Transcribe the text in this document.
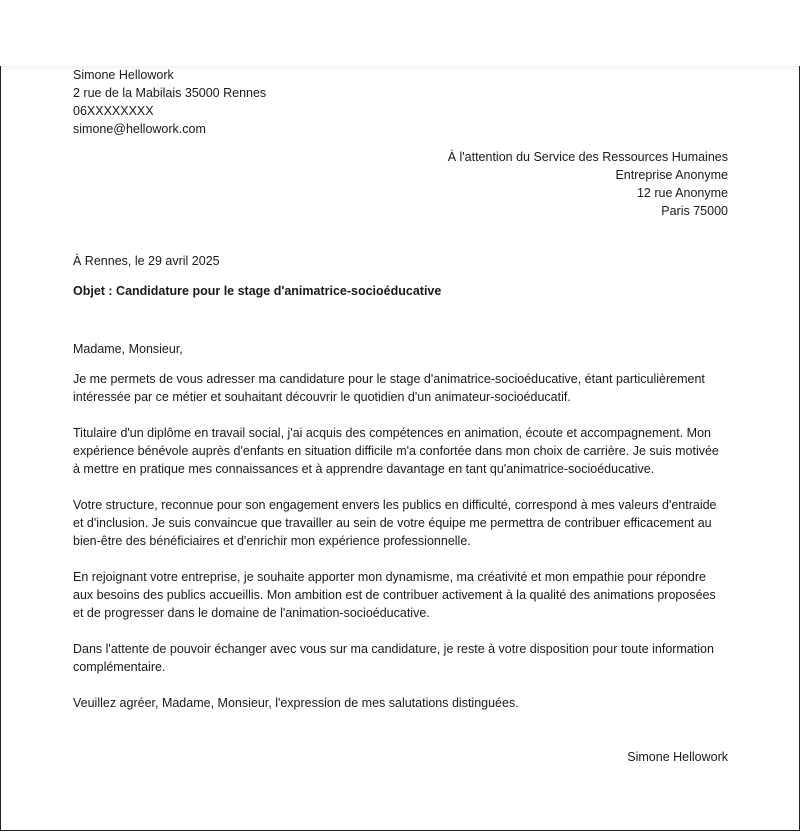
Simone Hellowork
2 rue de la Mabilais 35000 Rennes
06XXXXXXXX
simone@hellowork.com
À l'attention du Service des Ressources Humaines
Entreprise Anonyme
12 rue Anonyme
Paris 75000
À Rennes, le 29 avril 2025
Objet : Candidature pour le stage d'animatrice-socioéducative
Madame, Monsieur,

Je me permets de vous adresser ma candidature pour le stage d'animatrice-socioéducative, étant particulièrement intéressée par ce métier et souhaitant découvrir le quotidien d'un animateur-socioéducatif.

Titulaire d'un diplôme en travail social, j'ai acquis des compétences en animation, écoute et accompagnement. Mon expérience bénévole auprès d'enfants en situation difficile m'a confortée dans mon choix de carrière. Je suis motivée à mettre en pratique mes connaissances et à apprendre davantage en tant qu'animatrice-socioéducative.

Votre structure, reconnue pour son engagement envers les publics en difficulté, correspond à mes valeurs d'entraide et d'inclusion. Je suis convaincue que travailler au sein de votre équipe me permettra de contribuer efficacement au bien-être des bénéficiaires et d'enrichir mon expérience professionnelle.

En rejoignant votre entreprise, je souhaite apporter mon dynamisme, ma créativité et mon empathie pour répondre aux besoins des publics accueillis. Mon ambition est de contribuer activement à la qualité des animations proposées et de progresser dans le domaine de l'animation-socioéducative.

Dans l'attente de pouvoir échanger avec vous sur ma candidature, je reste à votre disposition pour toute information complémentaire.

Veuillez agréer, Madame, Monsieur, l'expression de mes salutations distinguées.

Simone Hellowork
